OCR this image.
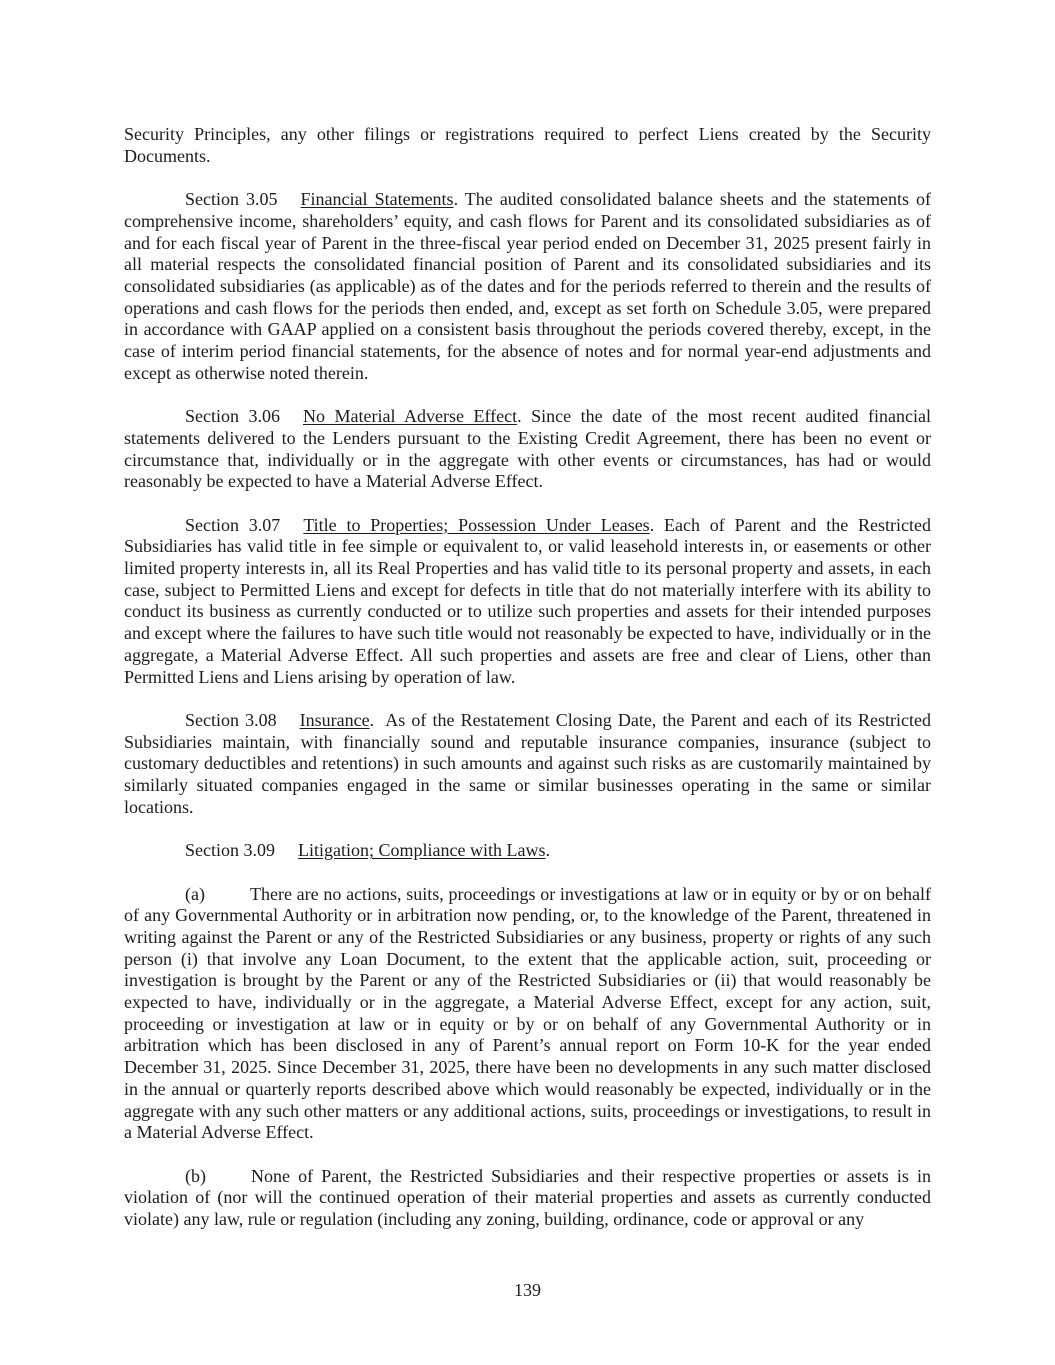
Security Principles, any other filings or registrations required to perfect Liens created by the Security Documents.

Section 3.05 Financial Statements. The audited consolidated balance sheets and the statements of comprehensive income, shareholders’ equity, and cash flows for Parent and its consolidated subsidiaries as of and for each fiscal year of Parent in the three-fiscal year period ended on December 31, 2025 present fairly in all material respects the consolidated financial position of Parent and its consolidated subsidiaries and its consolidated subsidiaries (as applicable) as of the dates and for the periods referred to therein and the results of operations and cash flows for the periods then ended, and, except as set forth on Schedule 3.05, were prepared in accordance with GAAP applied on a consistent basis throughout the periods covered thereby, except, in the case of interim period financial statements, for the absence of notes and for normal year-end adjustments and except as otherwise noted therein.

Section 3.06 No Material Adverse Effect. Since the date of the most recent audited financial statements delivered to the Lenders pursuant to the Existing Credit Agreement, there has been no event or circumstance that, individually or in the aggregate with other events or circumstances, has had or would reasonably be expected to have a Material Adverse Effect.

Section 3.07 Title to Properties; Possession Under Leases. Each of Parent and the Restricted Subsidiaries has valid title in fee simple or equivalent to, or valid leasehold interests in, or easements or other limited property interests in, all its Real Properties and has valid title to its personal property and assets, in each case, subject to Permitted Liens and except for defects in title that do not materially interfere with its ability to conduct its business as currently conducted or to utilize such properties and assets for their intended purposes and except where the failures to have such title would not reasonably be expected to have, individually or in the aggregate, a Material Adverse Effect. All such properties and assets are free and clear of Liens, other than Permitted Liens and Liens arising by operation of law.

Section 3.08 Insurance.  As of the Restatement Closing Date, the Parent and each of its Restricted Subsidiaries maintain, with financially sound and reputable insurance companies, insurance (subject to customary deductibles and retentions) in such amounts and against such risks as are customarily maintained by similarly situated companies engaged in the same or similar businesses operating in the same or similar locations.

Section 3.09 Litigation; Compliance with Laws.

(a)	There are no actions, suits, proceedings or investigations at law or in equity or by or on behalf of any Governmental Authority or in arbitration now pending, or, to the knowledge of the Parent, threatened in writing against the Parent or any of the Restricted Subsidiaries or any business, property or rights of any such person (i) that involve any Loan Document, to the extent that the applicable action, suit, proceeding or investigation is brought by the Parent or any of the Restricted Subsidiaries or (ii) that would reasonably be expected to have, individually or in the aggregate, a Material Adverse Effect, except for any action, suit, proceeding or investigation at law or in equity or by or on behalf of any Governmental Authority or in arbitration which has been disclosed in any of Parent’s annual report on Form 10-K for the year ended December 31, 2025. Since December 31, 2025, there have been no developments in any such matter disclosed in the annual or quarterly reports described above which would reasonably be expected, individually or in the aggregate with any such other matters or any additional actions, suits, proceedings or investigations, to result in a Material Adverse Effect.

(b)	None of Parent, the Restricted Subsidiaries and their respective properties or assets is in violation of (nor will the continued operation of their material properties and assets as currently conducted violate) any law, rule or regulation (including any zoning, building, ordinance, code or approval or any

139
